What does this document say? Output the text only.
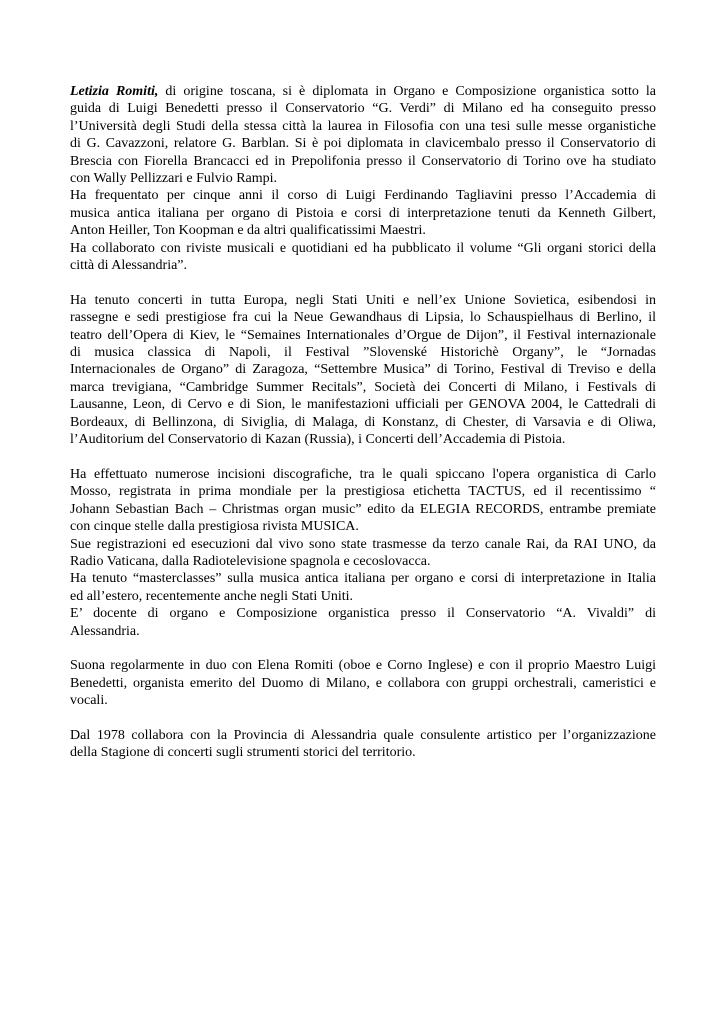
Letizia Romiti, di origine toscana, si è diplomata in Organo e Composizione organistica sotto la
guida di Luigi Benedetti presso il Conservatorio “G. Verdi” di Milano ed ha conseguito presso
l’Università degli Studi della stessa città la laurea in Filosofia con una tesi sulle messe organistiche
di G. Cavazzoni, relatore G. Barblan. Si è poi diplomata in clavicembalo presso il Conservatorio di
Brescia con Fiorella Brancacci ed in Prepolifonia presso il Conservatorio di Torino ove ha studiato
con Wally Pellizzari e Fulvio Rampi.
Ha frequentato per cinque anni il corso di Luigi Ferdinando Tagliavini presso l’Accademia di
musica antica italiana per organo di Pistoia e corsi di interpretazione tenuti da Kenneth Gilbert,
Anton Heiller, Ton Koopman e da altri qualificatissimi Maestri.
Ha collaborato con riviste musicali e quotidiani ed ha pubblicato il volume “Gli organi storici della
città di Alessandria”.
Ha tenuto concerti in tutta Europa, negli Stati Uniti e nell’ex Unione Sovietica, esibendosi in
rassegne e sedi prestigiose fra cui la Neue Gewandhaus di Lipsia, lo Schauspielhaus di Berlino, il
teatro dell’Opera di Kiev, le “Semaines Internationales d’Orgue de Dijon”, il Festival internazionale
di musica classica di Napoli, il Festival ”Slovenské Historichè Organy”, le “Jornadas
Internacionales de Organo” di Zaragoza, “Settembre Musica” di Torino, Festival di Treviso e della
marca trevigiana, “Cambridge Summer Recitals”, Società dei Concerti di Milano, i Festivals di
Lausanne, Leon, di Cervo e di Sion, le manifestazioni ufficiali per GENOVA 2004, le Cattedrali di
Bordeaux, di Bellinzona, di Siviglia, di Malaga, di Konstanz, di Chester, di Varsavia e di Oliwa,
l’Auditorium del Conservatorio di Kazan (Russia), i Concerti dell’Accademia di Pistoia.
Ha effettuato numerose incisioni discografiche, tra le quali spiccano l'opera organistica di Carlo
Mosso, registrata in prima mondiale per la prestigiosa etichetta TACTUS, ed il recentissimo “
Johann Sebastian Bach – Christmas organ music” edito da ELEGIA RECORDS, entrambe premiate
con cinque stelle dalla prestigiosa rivista MUSICA.
Sue registrazioni ed esecuzioni dal vivo sono state trasmesse da terzo canale Rai, da RAI UNO, da
Radio Vaticana, dalla Radiotelevisione spagnola e cecoslovacca.
Ha tenuto “masterclasses” sulla musica antica italiana per organo e corsi di interpretazione in Italia
ed all’estero, recentemente anche negli Stati Uniti.
E’ docente di organo e Composizione organistica presso il Conservatorio “A. Vivaldi” di
Alessandria.
Suona regolarmente in duo con Elena Romiti (oboe e Corno Inglese) e con il proprio Maestro Luigi
Benedetti, organista emerito del Duomo di Milano, e collabora con gruppi orchestrali, cameristici e
vocali.
Dal 1978 collabora con la Provincia di Alessandria quale consulente artistico per l’organizzazione
della Stagione di concerti sugli strumenti storici del territorio.
